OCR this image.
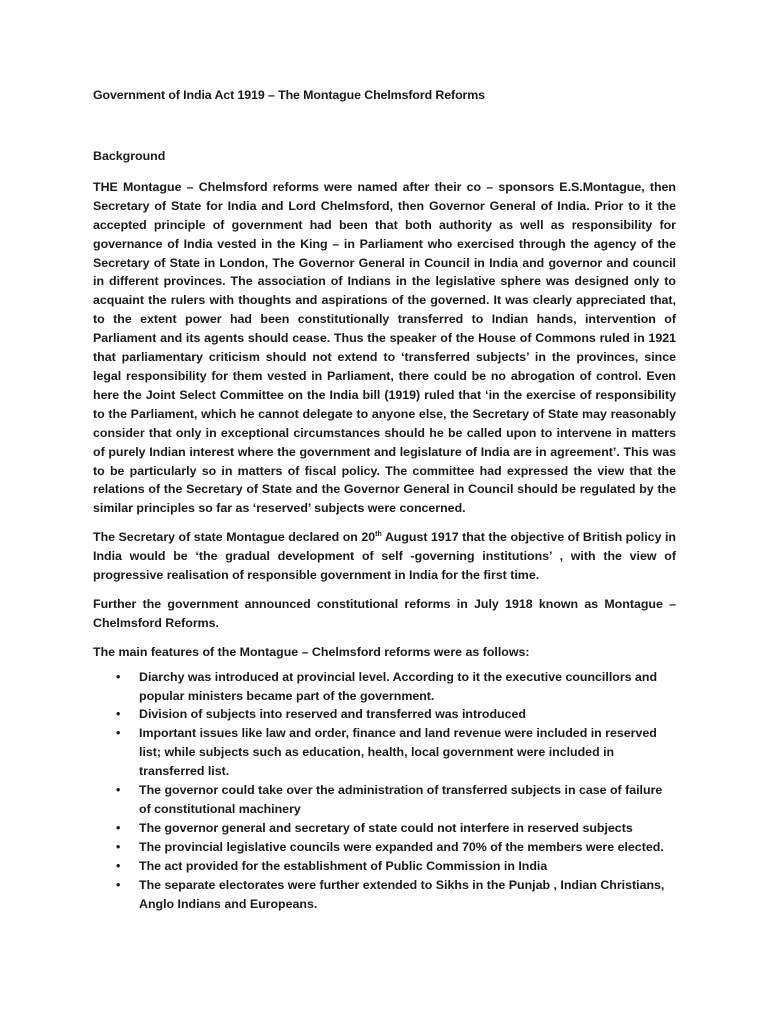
Government of India Act 1919 – The Montague Chelmsford Reforms
Background

THE Montague – Chelmsford reforms were named after their co – sponsors E.S.Montague, then Secretary of State for India and Lord Chelmsford, then Governor General of India. Prior to it the accepted principle of government had been that both authority as well as responsibility for governance of India vested in the King – in Parliament who exercised through the agency of the Secretary of State in London, The Governor General in Council in India and governor and council in different provinces. The association of Indians in the legislative sphere was designed only to acquaint the rulers with thoughts and aspirations of the governed. It was clearly appreciated that, to the extent power had been constitutionally transferred to Indian hands, intervention of Parliament and its agents should cease. Thus the speaker of the House of Commons ruled in 1921 that parliamentary criticism should not extend to ‘transferred subjects’ in the provinces, since legal responsibility for them vested in Parliament, there could be no abrogation of control. Even here the Joint Select Committee on the India bill (1919) ruled that ‘in the exercise of responsibility to the Parliament, which he cannot delegate to anyone else, the Secretary of State may reasonably consider that only in exceptional circumstances should he be called upon to intervene in matters of purely Indian interest where the government and legislature of India are in agreement’. This was to be particularly so in matters of fiscal policy. The committee had expressed the view that the relations of the Secretary of State and the Governor General in Council should be regulated by the similar principles so far as ‘reserved’ subjects were concerned.

The Secretary of state Montague declared on 20th August 1917 that the objective of British policy in India would be ‘the gradual development of self -governing institutions’ , with the view of progressive realisation of responsible government in India for the first time.

Further the government announced constitutional reforms in July 1918 known as Montague – Chelmsford Reforms.

The main features of the Montague – Chelmsford reforms were as follows:

• Diarchy was introduced at provincial level. According to it the executive councillors and popular ministers became part of the government.
• Division of subjects into reserved and transferred was introduced
• Important issues like law and order, finance and land revenue were included in reserved list; while subjects such as education, health, local government were included in transferred list.
• The governor could take over the administration of transferred subjects in case of failure of constitutional machinery
• The governor general and secretary of state could not interfere in reserved subjects
• The provincial legislative councils were expanded and 70% of the members were elected.
• The act provided for the establishment of Public Commission in India
• The separate electorates were further extended to Sikhs in the Punjab , Indian Christians, Anglo Indians and Europeans.
